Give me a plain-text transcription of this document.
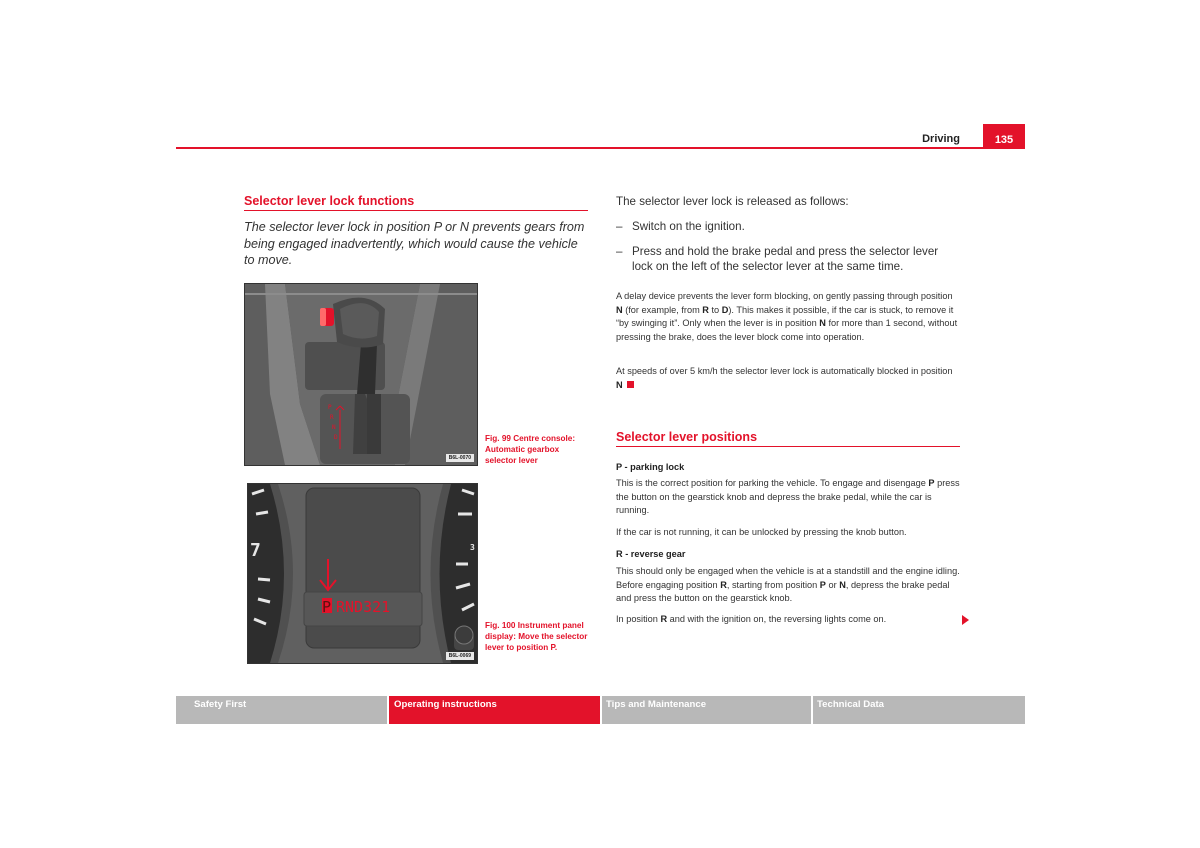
Driving	135
Selector lever lock functions
The selector lever lock in position P or N prevents gears from being engaged inadvertently, which would cause the vehicle to move.
P
R
N
D
B6L-0070
Fig. 99 Centre console: Automatic gearbox selector lever
7	3
P RND321
B6L-0069
Fig. 100 Instrument panel display: Move the selector lever to position P.
The selector lever lock is released as follows:
– Switch on the ignition.
– Press and hold the brake pedal and press the selector lever lock on the left of the selector lever at the same time.
A delay device prevents the lever form blocking, on gently passing through position N (for example, from R to D). This makes it possible, if the car is stuck, to remove it “by swinging it”. Only when the lever is in position N for more than 1 second, without pressing the brake, does the lever block come into operation.
At speeds of over 5 km/h the selector lever lock is automatically blocked in position N
Selector lever positions
P - parking lock
This is the correct position for parking the vehicle. To engage and disengage P press the button on the gearstick knob and depress the brake pedal, while the car is running.
If the car is not running, it can be unlocked by pressing the knob button.
R - reverse gear
This should only be engaged when the vehicle is at a standstill and the engine idling. Before engaging position R, starting from position P or N, depress the brake pedal and press the button on the gearstick knob.
In position R and with the ignition on, the reversing lights come on.
Safety First	Operating instructions	Tips and Maintenance	Technical Data
